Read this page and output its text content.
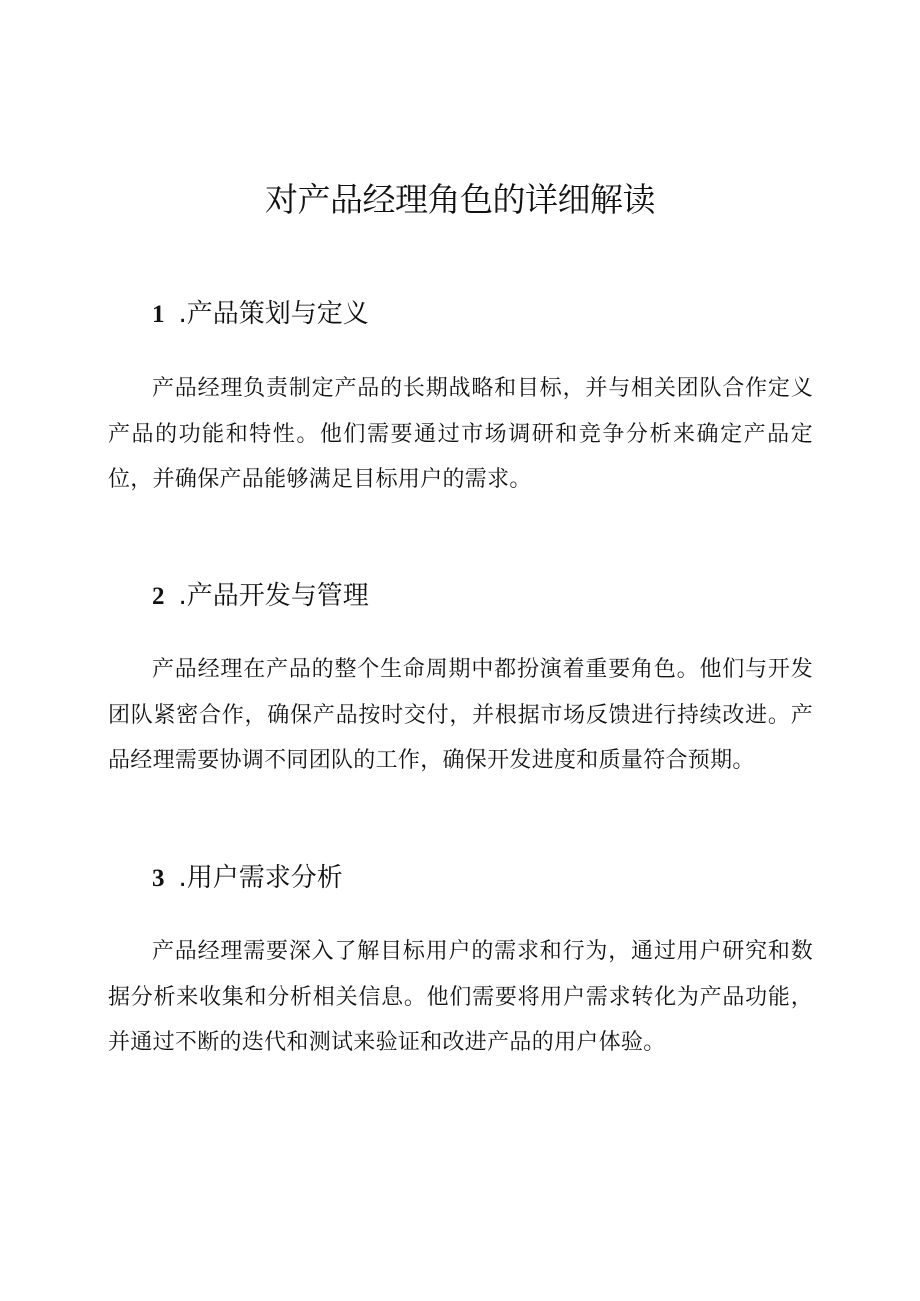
对产品经理角色的详细解读
1 .产品策划与定义

产品经理负责制定产品的长期战略和目标，并与相关团队合作定义产品的功能和特性。他们需要通过市场调研和竞争分析来确定产品定位，并确保产品能够满足目标用户的需求。

2 .产品开发与管理

产品经理在产品的整个生命周期中都扮演着重要角色。他们与开发团队紧密合作，确保产品按时交付，并根据市场反馈进行持续改进。产品经理需要协调不同团队的工作，确保开发进度和质量符合预期。

3 .用户需求分析

产品经理需要深入了解目标用户的需求和行为，通过用户研究和数据分析来收集和分析相关信息。他们需要将用户需求转化为产品功能，并通过不断的迭代和测试来验证和改进产品的用户体验。
